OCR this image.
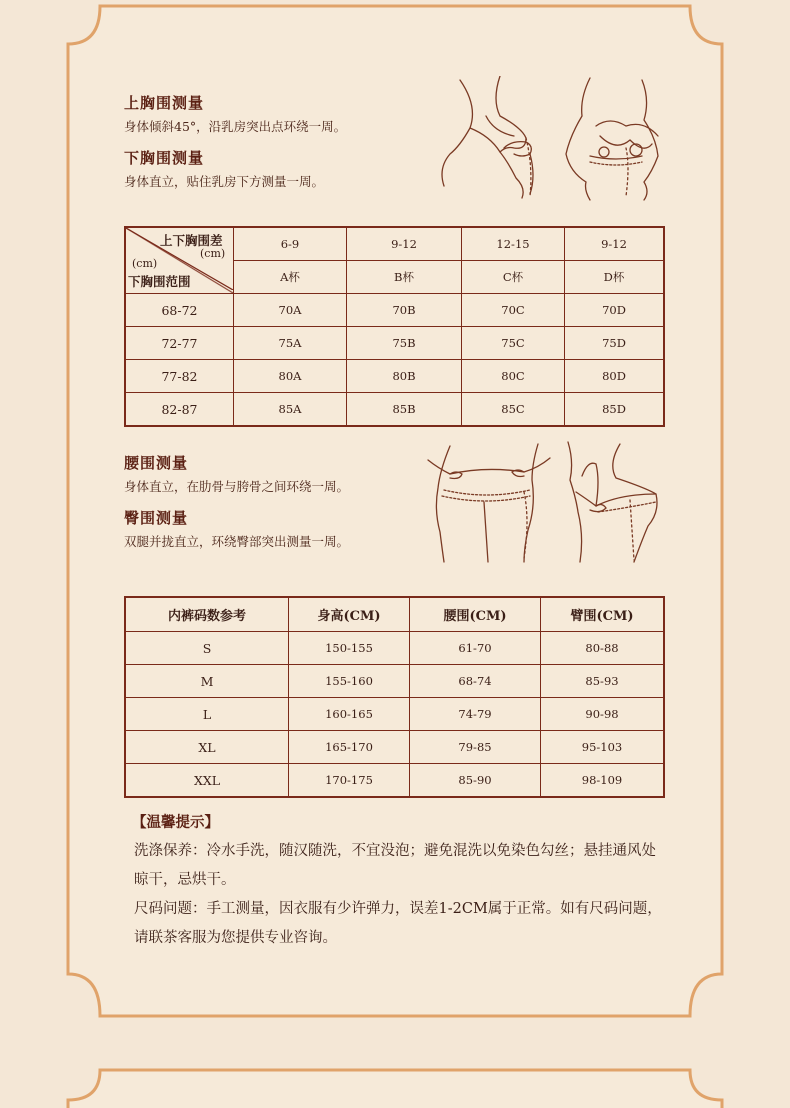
上胸围测量
身体倾斜45°，沿乳房突出点环绕一周。
下胸围测量
身体直立，贴住乳房下方测量一周。
上下胸围差
(cm)
(cm)
下胸围范围	6-9	9-12	12-15	9-12
	A杯	B杯	C杯	D杯
68-72	70A	70B	70C	70D
72-77	75A	75B	75C	75D
77-82	80A	80B	80C	80D
82-87	85A	85B	85C	85D
腰围测量
身体直立，在肋骨与胯骨之间环绕一周。
臀围测量
双腿并拢直立，环绕臀部突出测量一周。
内裤码数参考	身高(CM)	腰围(CM)	臂围(CM)
S	150-155	61-70	80-88
M	155-160	68-74	85-93
L	160-165	74-79	90-98
XL	165-170	79-85	95-103
XXL	170-175	85-90	98-109
【温馨提示】
洗涤保养：冷水手洗，随汉随洗，不宜没泡；避免混洗以免染色勾丝；悬挂通风处晾干，忌烘干。
尺码问题：手工测量，因衣服有少许弹力，误差1-2CM属于正常。如有尺码问题，请联茶客服为您提供专业咨询。
